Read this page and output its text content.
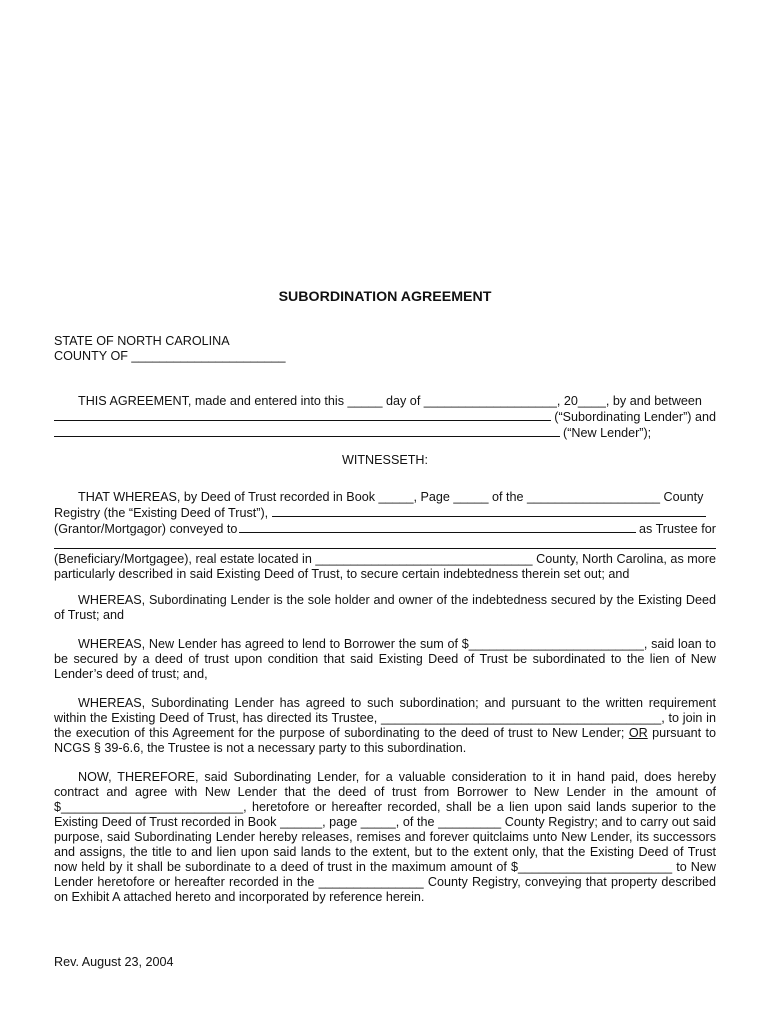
SUBORDINATION AGREEMENT
STATE OF NORTH CAROLINA
COUNTY OF ______________________

THIS AGREEMENT, made and entered into this _____ day of ___________________, 20____, by and between

(“Subordinating Lender”) and
(“New Lender”);
WITNESSETH:

THAT WHEREAS, by Deed of Trust recorded in Book _____, Page _____ of the ___________________ County

Registry (the “Existing Deed of Trust”),
(Grantor/Mortgagor) conveyed to	as Trustee for

(Beneficiary/Mortgagee), real estate located in _______________________________ County, North Carolina, as more particularly described in said Existing Deed of Trust, to secure certain indebtedness therein set out; and

WHEREAS, Subordinating Lender is the sole holder and owner of the indebtedness secured by the Existing Deed of Trust; and

WHEREAS, New Lender has agreed to lend to Borrower the sum of $_________________________, said loan to be secured by a deed of trust upon condition that said Existing Deed of Trust be subordinated to the lien of New Lender’s deed of trust; and,

WHEREAS, Subordinating Lender has agreed to such subordination; and pursuant to the written requirement within the Existing Deed of Trust, has directed its Trustee, ________________________________________, to join in the execution of this Agreement for the purpose of subordinating to the deed of trust to New Lender; OR pursuant to NCGS § 39-6.6, the Trustee is not a necessary party to this subordination.

NOW, THEREFORE, said Subordinating Lender, for a valuable consideration to it in hand paid, does hereby contract and agree with New Lender that the deed of trust from Borrower to New Lender in the amount of $__________________________, heretofore or hereafter recorded, shall be a lien upon said lands superior to the Existing Deed of Trust recorded in Book ______, page _____, of the _________ County Registry; and to carry out said purpose, said Subordinating Lender hereby releases, remises and forever quitclaims unto New Lender, its successors and assigns, the title to and lien upon said lands to the extent, but to the extent only, that the Existing Deed of Trust now held by it shall be subordinate to a deed of trust in the maximum amount of $______________________ to New Lender heretofore or hereafter recorded in the _______________ County Registry, conveying that property described on Exhibit A attached hereto and incorporated by reference herein.

Rev. August 23, 2004
